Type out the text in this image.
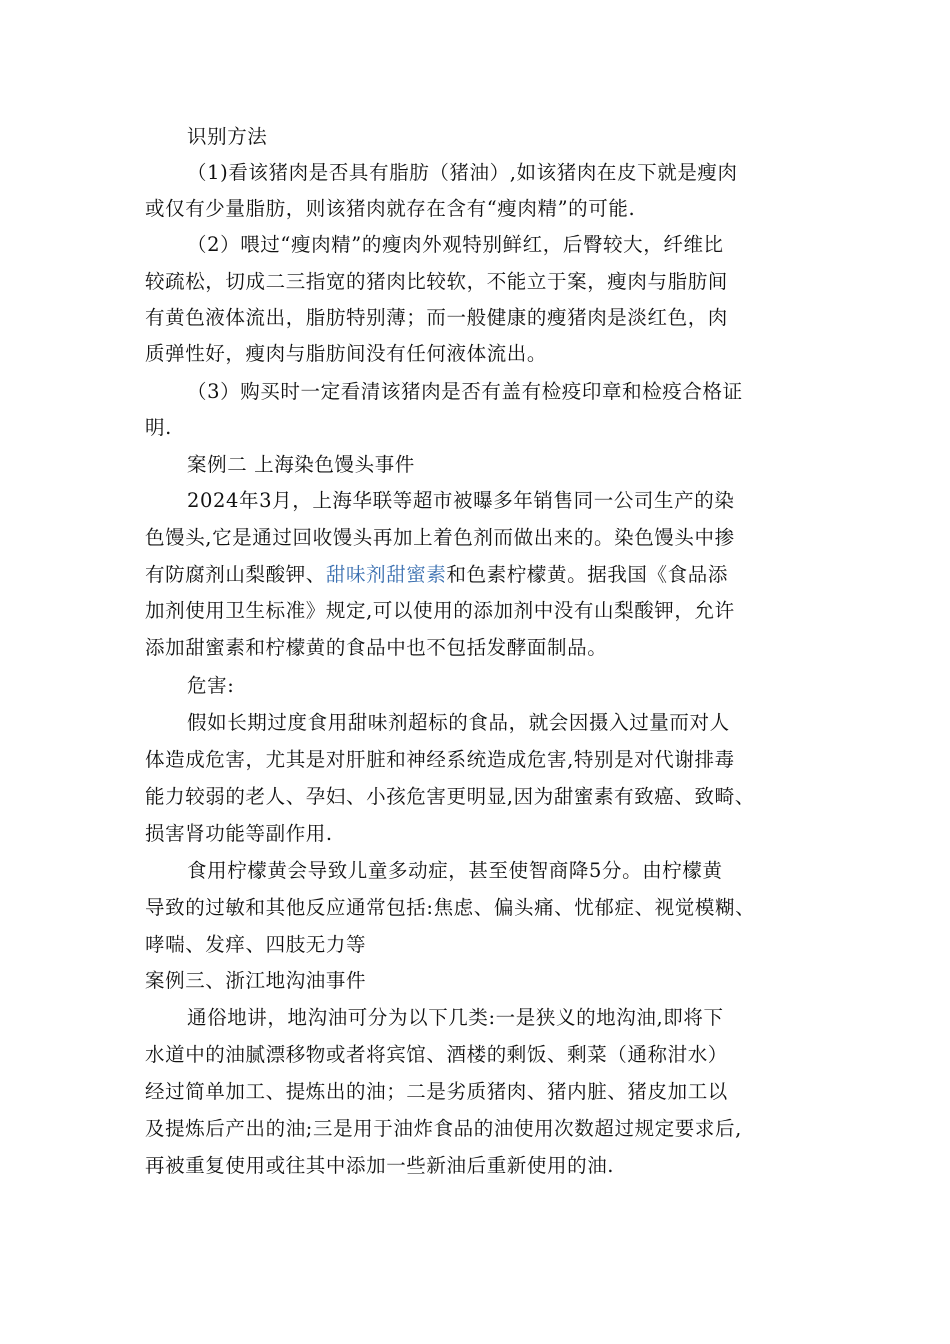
识别方法
（1)看该猪肉是否具有脂肪（猪油）,如该猪肉在皮下就是瘦肉
或仅有少量脂肪，则该猪肉就存在含有“瘦肉精”的可能.
（2）喂过“瘦肉精”的瘦肉外观特别鲜红，后臀较大，纤维比
较疏松，切成二三指宽的猪肉比较软，不能立于案，瘦肉与脂肪间
有黄色液体流出，脂肪特别薄；而一般健康的瘦猪肉是淡红色，肉
质弹性好，瘦肉与脂肪间没有任何液体流出。
（3）购买时一定看清该猪肉是否有盖有检疫印章和检疫合格证
明.
案例二 上海染色馒头事件
2024年3月，上海华联等超市被曝多年销售同一公司生产的染
色馒头,它是通过回收馒头再加上着色剂而做出来的。染色馒头中掺
有防腐剂山梨酸钾、甜味剂甜蜜素和色素柠檬黄。据我国《食品添
加剂使用卫生标准》规定,可以使用的添加剂中没有山梨酸钾，允许
添加甜蜜素和柠檬黄的食品中也不包括发酵面制品。
危害:
假如长期过度食用甜味剂超标的食品，就会因摄入过量而对人
体造成危害，尤其是对肝脏和神经系统造成危害,特别是对代谢排毒
能力较弱的老人、孕妇、小孩危害更明显,因为甜蜜素有致癌、致畸、
损害肾功能等副作用.
食用柠檬黄会导致儿童多动症，甚至使智商降5分。由柠檬黄
导致的过敏和其他反应通常包括:焦虑、偏头痛、忧郁症、视觉模糊、
哮喘、发痒、四肢无力等
案例三、浙江地沟油事件
通俗地讲，地沟油可分为以下几类:一是狭义的地沟油,即将下
水道中的油腻漂移物或者将宾馆、酒楼的剩饭、剩菜（通称泔水）
经过简单加工、提炼出的油；二是劣质猪肉、猪内脏、猪皮加工以
及提炼后产出的油;三是用于油炸食品的油使用次数超过规定要求后,
再被重复使用或往其中添加一些新油后重新使用的油.
